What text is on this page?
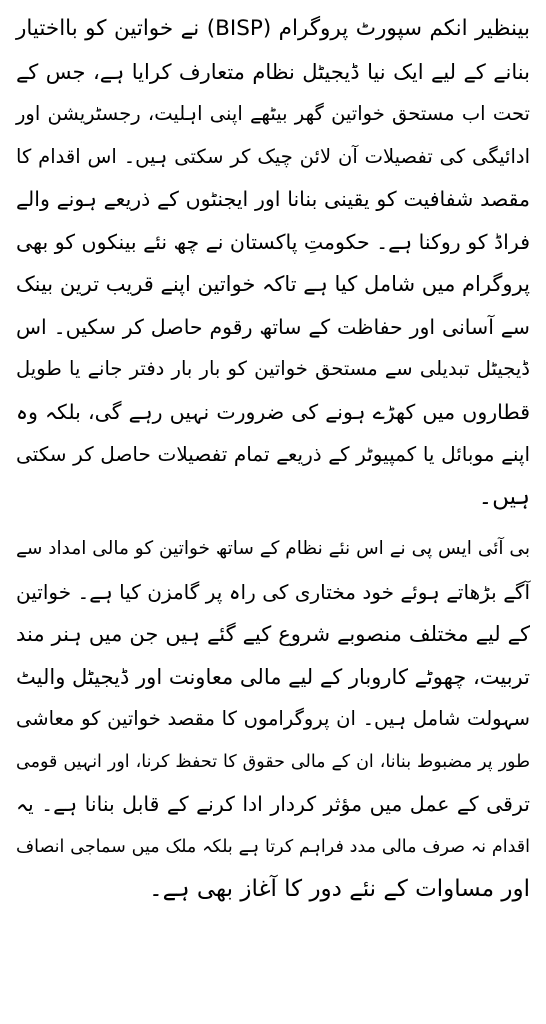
بینظیر انکم سپورٹ پروگرام (BISP) نے خواتین کو بااختیار
بنانے کے لیے ایک نیا ڈیجیٹل نظام متعارف کرایا ہے، جس کے
تحت اب مستحق خواتین گھر بیٹھے اپنی اہلیت، رجسٹریشن اور
ادائیگی کی تفصیلات آن لائن چیک کر سکتی ہیں۔ اس اقدام کا
مقصد شفافیت کو یقینی بنانا اور ایجنٹوں کے ذریعے ہونے والے
فراڈ کو روکنا ہے۔ حکومتِ پاکستان نے چھ نئے بینکوں کو بھی
پروگرام میں شامل کیا ہے تاکہ خواتین اپنے قریب ترین بینک
سے آسانی اور حفاظت کے ساتھ رقوم حاصل کر سکیں۔ اس
ڈیجیٹل تبدیلی سے مستحق خواتین کو بار بار دفتر جانے یا طویل
قطاروں میں کھڑے ہونے کی ضرورت نہیں رہے گی، بلکہ وہ
اپنے موبائل یا کمپیوٹر کے ذریعے تمام تفصیلات حاصل کر سکتی
ہیں۔
بی آئی ایس پی نے اس نئے نظام کے ساتھ خواتین کو مالی امداد سے
آگے بڑھاتے ہوئے خود مختاری کی راہ پر گامزن کیا ہے۔ خواتین
کے لیے مختلف منصوبے شروع کیے گئے ہیں جن میں ہنر مند
تربیت، چھوٹے کاروبار کے لیے مالی معاونت اور ڈیجیٹل والیٹ
سہولت شامل ہیں۔ ان پروگراموں کا مقصد خواتین کو معاشی
طور پر مضبوط بنانا، ان کے مالی حقوق کا تحفظ کرنا، اور انہیں قومی
ترقی کے عمل میں مؤثر کردار ادا کرنے کے قابل بنانا ہے۔ یہ
اقدام نہ صرف مالی مدد فراہم کرتا ہے بلکہ ملک میں سماجی انصاف
اور مساوات کے نئے دور کا آغاز بھی ہے۔
